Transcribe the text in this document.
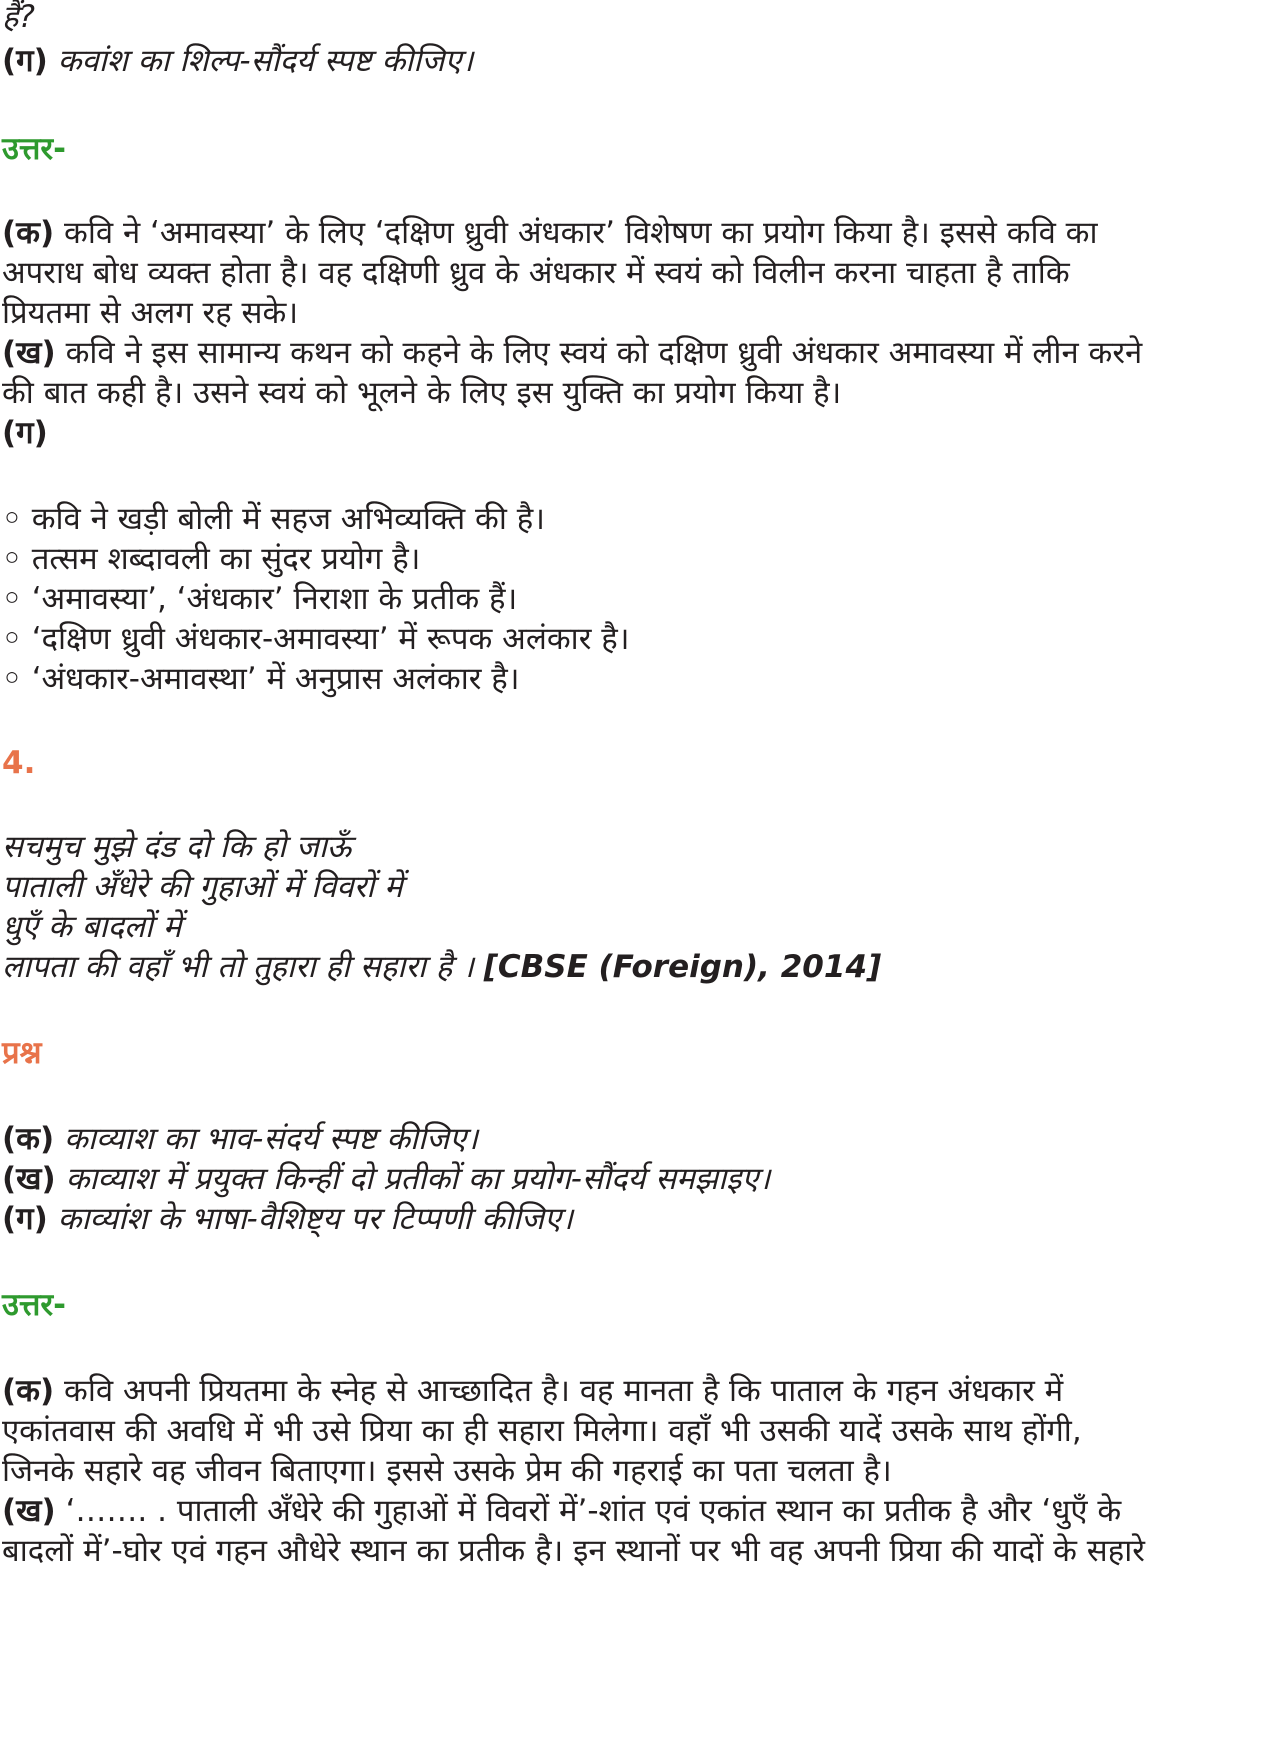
हैं?
(ग) कवांश का शिल्प-सौंदर्य स्पष्ट कीजिए।
उत्तर-
(क) कवि ने ‘अमावस्या’ के लिए ‘दक्षिण ध्रुवी अंधकार’ विशेषण का प्रयोग किया है। इससे कवि का
अपराध बोध व्यक्त होता है। वह दक्षिणी ध्रुव के अंधकार में स्वयं को विलीन करना चाहता है ताकि
प्रियतमा से अलग रह सके।
(ख) कवि ने इस सामान्य कथन को कहने के लिए स्वयं को दक्षिण ध्रुवी अंधकार अमावस्या में लीन करने
की बात कही है। उसने स्वयं को भूलने के लिए इस युक्ति का प्रयोग किया है।
(ग)
◦ कवि ने खड़ी बोली में सहज अभिव्यक्ति की है।
◦ तत्सम शब्दावली का सुंदर प्रयोग है।
◦ ‘अमावस्या’, ‘अंधकार’ निराशा के प्रतीक हैं।
◦ ‘दक्षिण ध्रुवी अंधकार-अमावस्या’ में रूपक अलंकार है।
◦ ‘अंधकार-अमावस्था’ में अनुप्रास अलंकार है।
4.
सचमुच मुझे दंड दो कि हो जाऊँ
पाताली अँधेरे की गुहाओं में विवरों में
धुएँ के बादलों में
लापता की वहाँ भी तो तुहारा ही सहारा है । [CBSE (Foreign), 2014]
प्रश्न
(क) काव्याश का भाव-संदर्य स्पष्ट कीजिए।
(ख) काव्याश में प्रयुक्त किन्हीं दो प्रतीकों का प्रयोग-सौंदर्य समझाइए।
(ग) काव्यांश के भाषा-वैशिष्ट्य पर टिप्पणी कीजिए।
उत्तर-
(क) कवि अपनी प्रियतमा के स्नेह से आच्छादित है। वह मानता है कि पाताल के गहन अंधकार में
एकांतवास की अवधि में भी उसे प्रिया का ही सहारा मिलेगा। वहाँ भी उसकी यादें उसके साथ होंगी,
जिनके सहारे वह जीवन बिताएगा। इससे उसके प्रेम की गहराई का पता चलता है।
(ख) ‘……. . पाताली अँधेरे की गुहाओं में विवरों में’-शांत एवं एकांत स्थान का प्रतीक है और ‘धुएँ के
बादलों में’-घोर एवं गहन औधेरे स्थान का प्रतीक है। इन स्थानों पर भी वह अपनी प्रिया की यादों के सहारे
